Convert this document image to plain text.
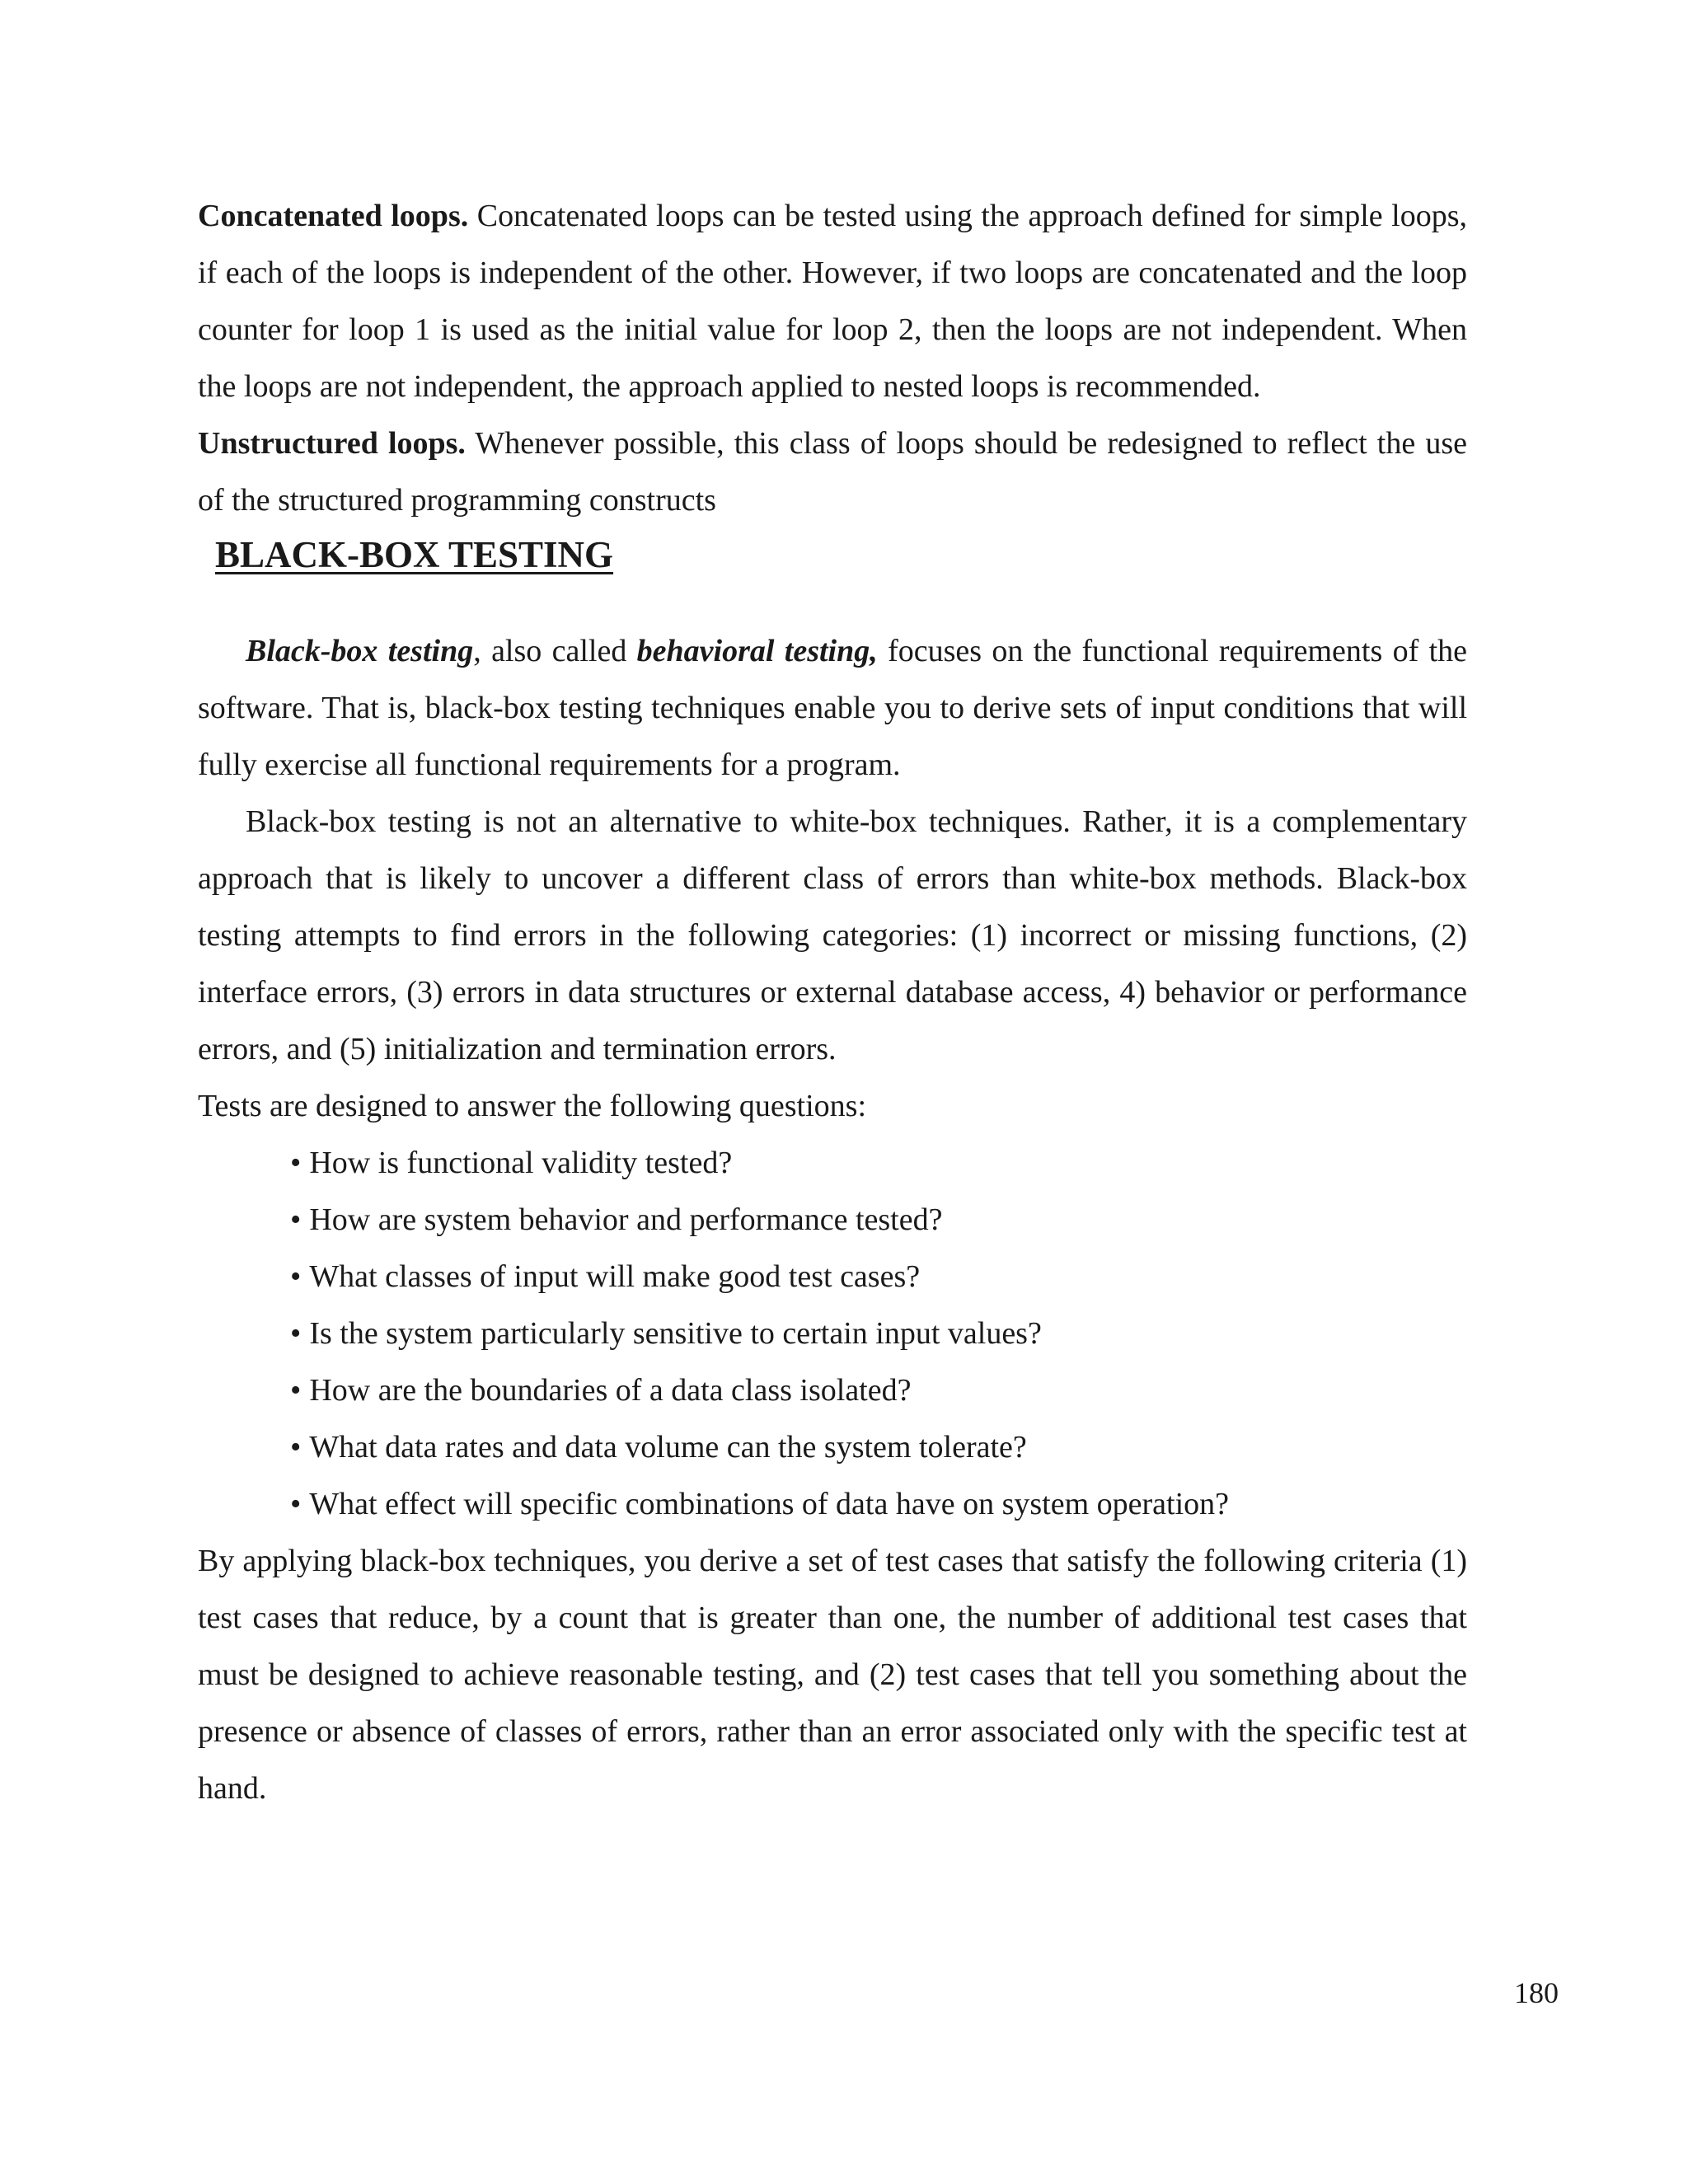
Concatenated loops. Concatenated loops can be tested using the approach defined for simple loops, if each of the loops is independent of the other. However, if two loops are concatenated and the loop counter for loop 1 is used as the initial value for loop 2, then the loops are not independent. When the loops are not independent, the approach applied to nested loops is recommended.

Unstructured loops. Whenever possible, this class of loops should be redesigned to reflect the use of the structured programming constructs

BLACK-BOX TESTING

Black-box testing, also called behavioral testing, focuses on the functional requirements of the software. That is, black-box testing techniques enable you to derive sets of input conditions that will fully exercise all functional requirements for a program.

Black-box testing is not an alternative to white-box techniques. Rather, it is a complementary approach that is likely to uncover a different class of errors than white-box methods. Black-box testing attempts to find errors in the following categories: (1) incorrect or missing functions, (2) interface errors, (3) errors in data structures or external database access, 4) behavior or performance errors, and (5) initialization and termination errors.

Tests are designed to answer the following questions:

• How is functional validity tested?
• How are system behavior and performance tested?
• What classes of input will make good test cases?
• Is the system particularly sensitive to certain input values?
• How are the boundaries of a data class isolated?
• What data rates and data volume can the system tolerate?
• What effect will specific combinations of data have on system operation?

By applying black-box techniques, you derive a set of test cases that satisfy the following criteria (1) test cases that reduce, by a count that is greater than one, the number of additional test cases that must be designed to achieve reasonable testing, and (2) test cases that tell you something about the presence or absence of classes of errors, rather than an error associated only with the specific test at hand.

180
